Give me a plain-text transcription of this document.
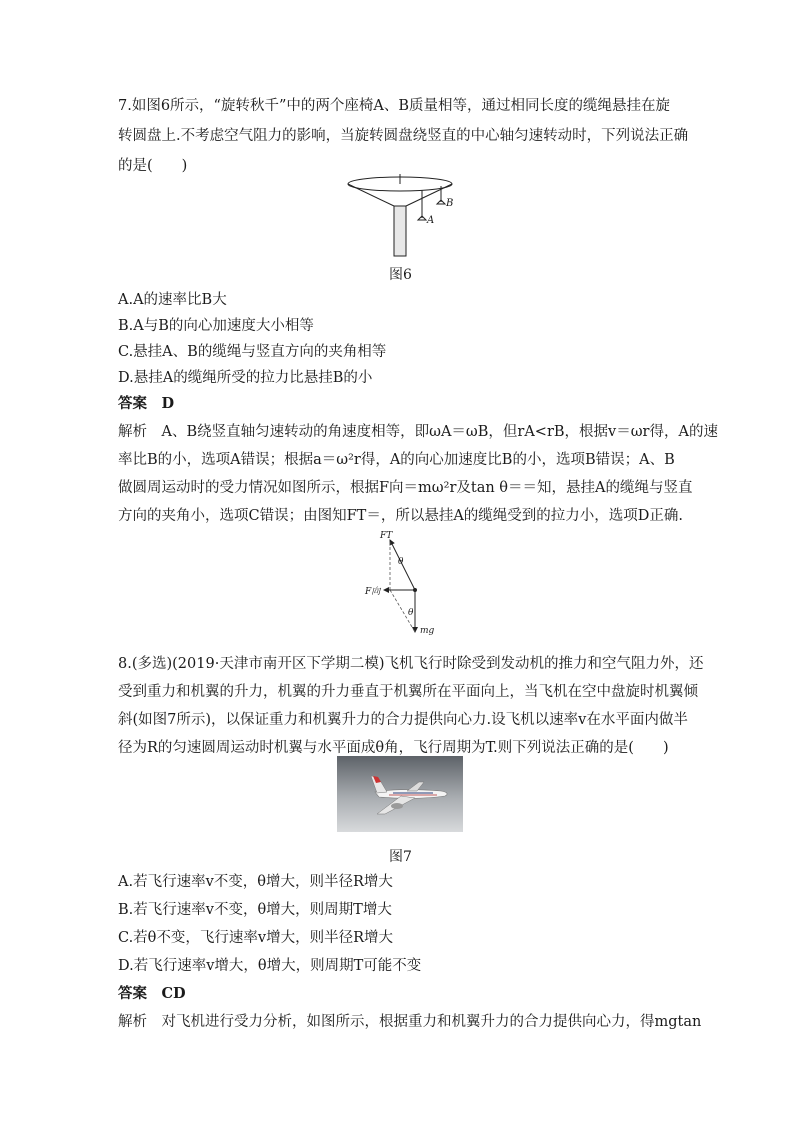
7.如图6所示，“旋转秋千”中的两个座椅A、B质量相等，通过相同长度的缆绳悬挂在旋
转圆盘上.不考虑空气阻力的影响，当旋转圆盘绕竖直的中心轴匀速转动时，下列说法正确
的是(　　)
A
B
图6
A.A的速率比B大
B.A与B的向心加速度大小相等
C.悬挂A、B的缆绳与竖直方向的夹角相等
D.悬挂A的缆绳所受的拉力比悬挂B的小
答案　D
解析　A、B绕竖直轴匀速转动的角速度相等，即ωA＝ωB，但rA<rB，根据v＝ωr得，A的速
率比B的小，选项A错误；根据a＝ω²r得，A的向心加速度比B的小，选项B错误；A、B
做圆周运动时的受力情况如图所示，根据F向＝mω²r及tan θ＝＝知，悬挂A的缆绳与竖直
方向的夹角小，选项C错误；由图知FT＝，所以悬挂A的缆绳受到的拉力小，选项D正确.
FT
θ
F向
θ
mg
8.(多选)(2019·天津市南开区下学期二模)飞机飞行时除受到发动机的推力和空气阻力外，还
受到重力和机翼的升力，机翼的升力垂直于机翼所在平面向上，当飞机在空中盘旋时机翼倾
斜(如图7所示)，以保证重力和机翼升力的合力提供向心力.设飞机以速率v在水平面内做半
径为R的匀速圆周运动时机翼与水平面成θ角，飞行周期为T.则下列说法正确的是(　　)
图7
A.若飞行速率v不变，θ增大，则半径R增大
B.若飞行速率v不变，θ增大，则周期T增大
C.若θ不变，飞行速率v增大，则半径R增大
D.若飞行速率v增大，θ增大，则周期T可能不变
答案　CD
解析　对飞机进行受力分析，如图所示，根据重力和机翼升力的合力提供向心力，得mgtan
